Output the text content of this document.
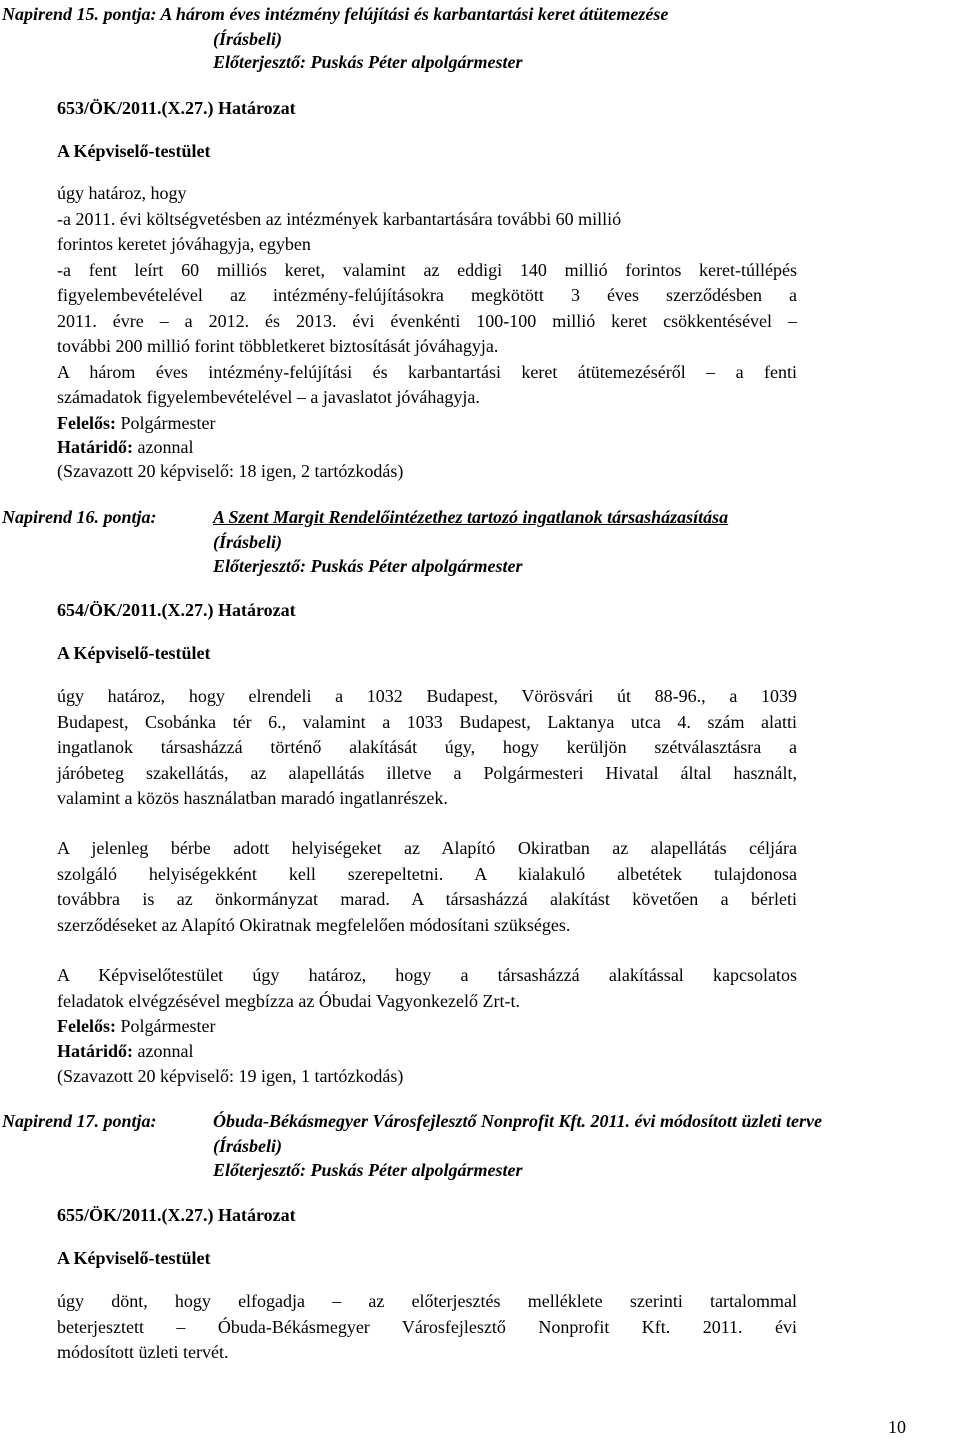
Napirend 15. pontja: A három éves intézmény felújítási és karbantartási keret átütemezése
(Írásbeli)
Előterjesztő: Puskás Péter alpolgármester
653/ÖK/2011.(X.27.) Határozat
A Képviselő-testület
úgy határoz, hogy
-a 2011. évi költségvetésben az intézmények karbantartására további 60 millió
forintos keretet jóváhagyja, egyben
-a fent leírt 60 milliós keret, valamint az eddigi 140 millió forintos keret-túllépés
figyelembevételével az intézmény-felújításokra megkötött 3 éves szerződésben a
2011. évre – a 2012. és 2013. évi évenkénti 100-100 millió keret csökkentésével –
további 200 millió forint többletkeret biztosítását jóváhagyja.
A három éves intézmény-felújítási és karbantartási keret átütemezéséről – a fenti
számadatok figyelembevételével – a javaslatot jóváhagyja.
Felelős: Polgármester
Határidő: azonnal
(Szavazott 20 képviselő: 18 igen, 2 tartózkodás)
Napirend 16. pontja:	A Szent Margit Rendelőintézethez tartozó ingatlanok társasházasítása
(Írásbeli)
Előterjesztő: Puskás Péter alpolgármester
654/ÖK/2011.(X.27.) Határozat
A Képviselő-testület
úgy határoz, hogy elrendeli a 1032 Budapest, Vörösvári út 88-96., a 1039
Budapest, Csobánka tér 6., valamint a 1033 Budapest, Laktanya utca 4. szám alatti
ingatlanok társasházzá történő alakítását úgy, hogy kerüljön szétválasztásra a
járóbeteg szakellátás, az alapellátás illetve a Polgármesteri Hivatal által használt,
valamint a közös használatban maradó ingatlanrészek.
A jelenleg bérbe adott helyiségeket az Alapító Okiratban az alapellátás céljára
szolgáló helyiségekként kell szerepeltetni. A kialakuló albetétek tulajdonosa
továbbra is az önkormányzat marad. A társasházzá alakítást követően a bérleti
szerződéseket az Alapító Okiratnak megfelelően módosítani szükséges.
A Képviselőtestület úgy határoz, hogy a társasházzá alakítással kapcsolatos
feladatok elvégzésével megbízza az Óbudai Vagyonkezelő Zrt-t.
Felelős: Polgármester
Határidő: azonnal
(Szavazott 20 képviselő: 19 igen, 1 tartózkodás)
Napirend 17. pontja:	Óbuda-Békásmegyer Városfejlesztő Nonprofit Kft. 2011. évi módosított üzleti terve
(Írásbeli)
Előterjesztő: Puskás Péter alpolgármester
655/ÖK/2011.(X.27.) Határozat
A Képviselő-testület
úgy dönt, hogy elfogadja – az előterjesztés melléklete szerinti tartalommal
beterjesztett – Óbuda-Békásmegyer Városfejlesztő Nonprofit Kft. 2011. évi
módosított üzleti tervét.
10
